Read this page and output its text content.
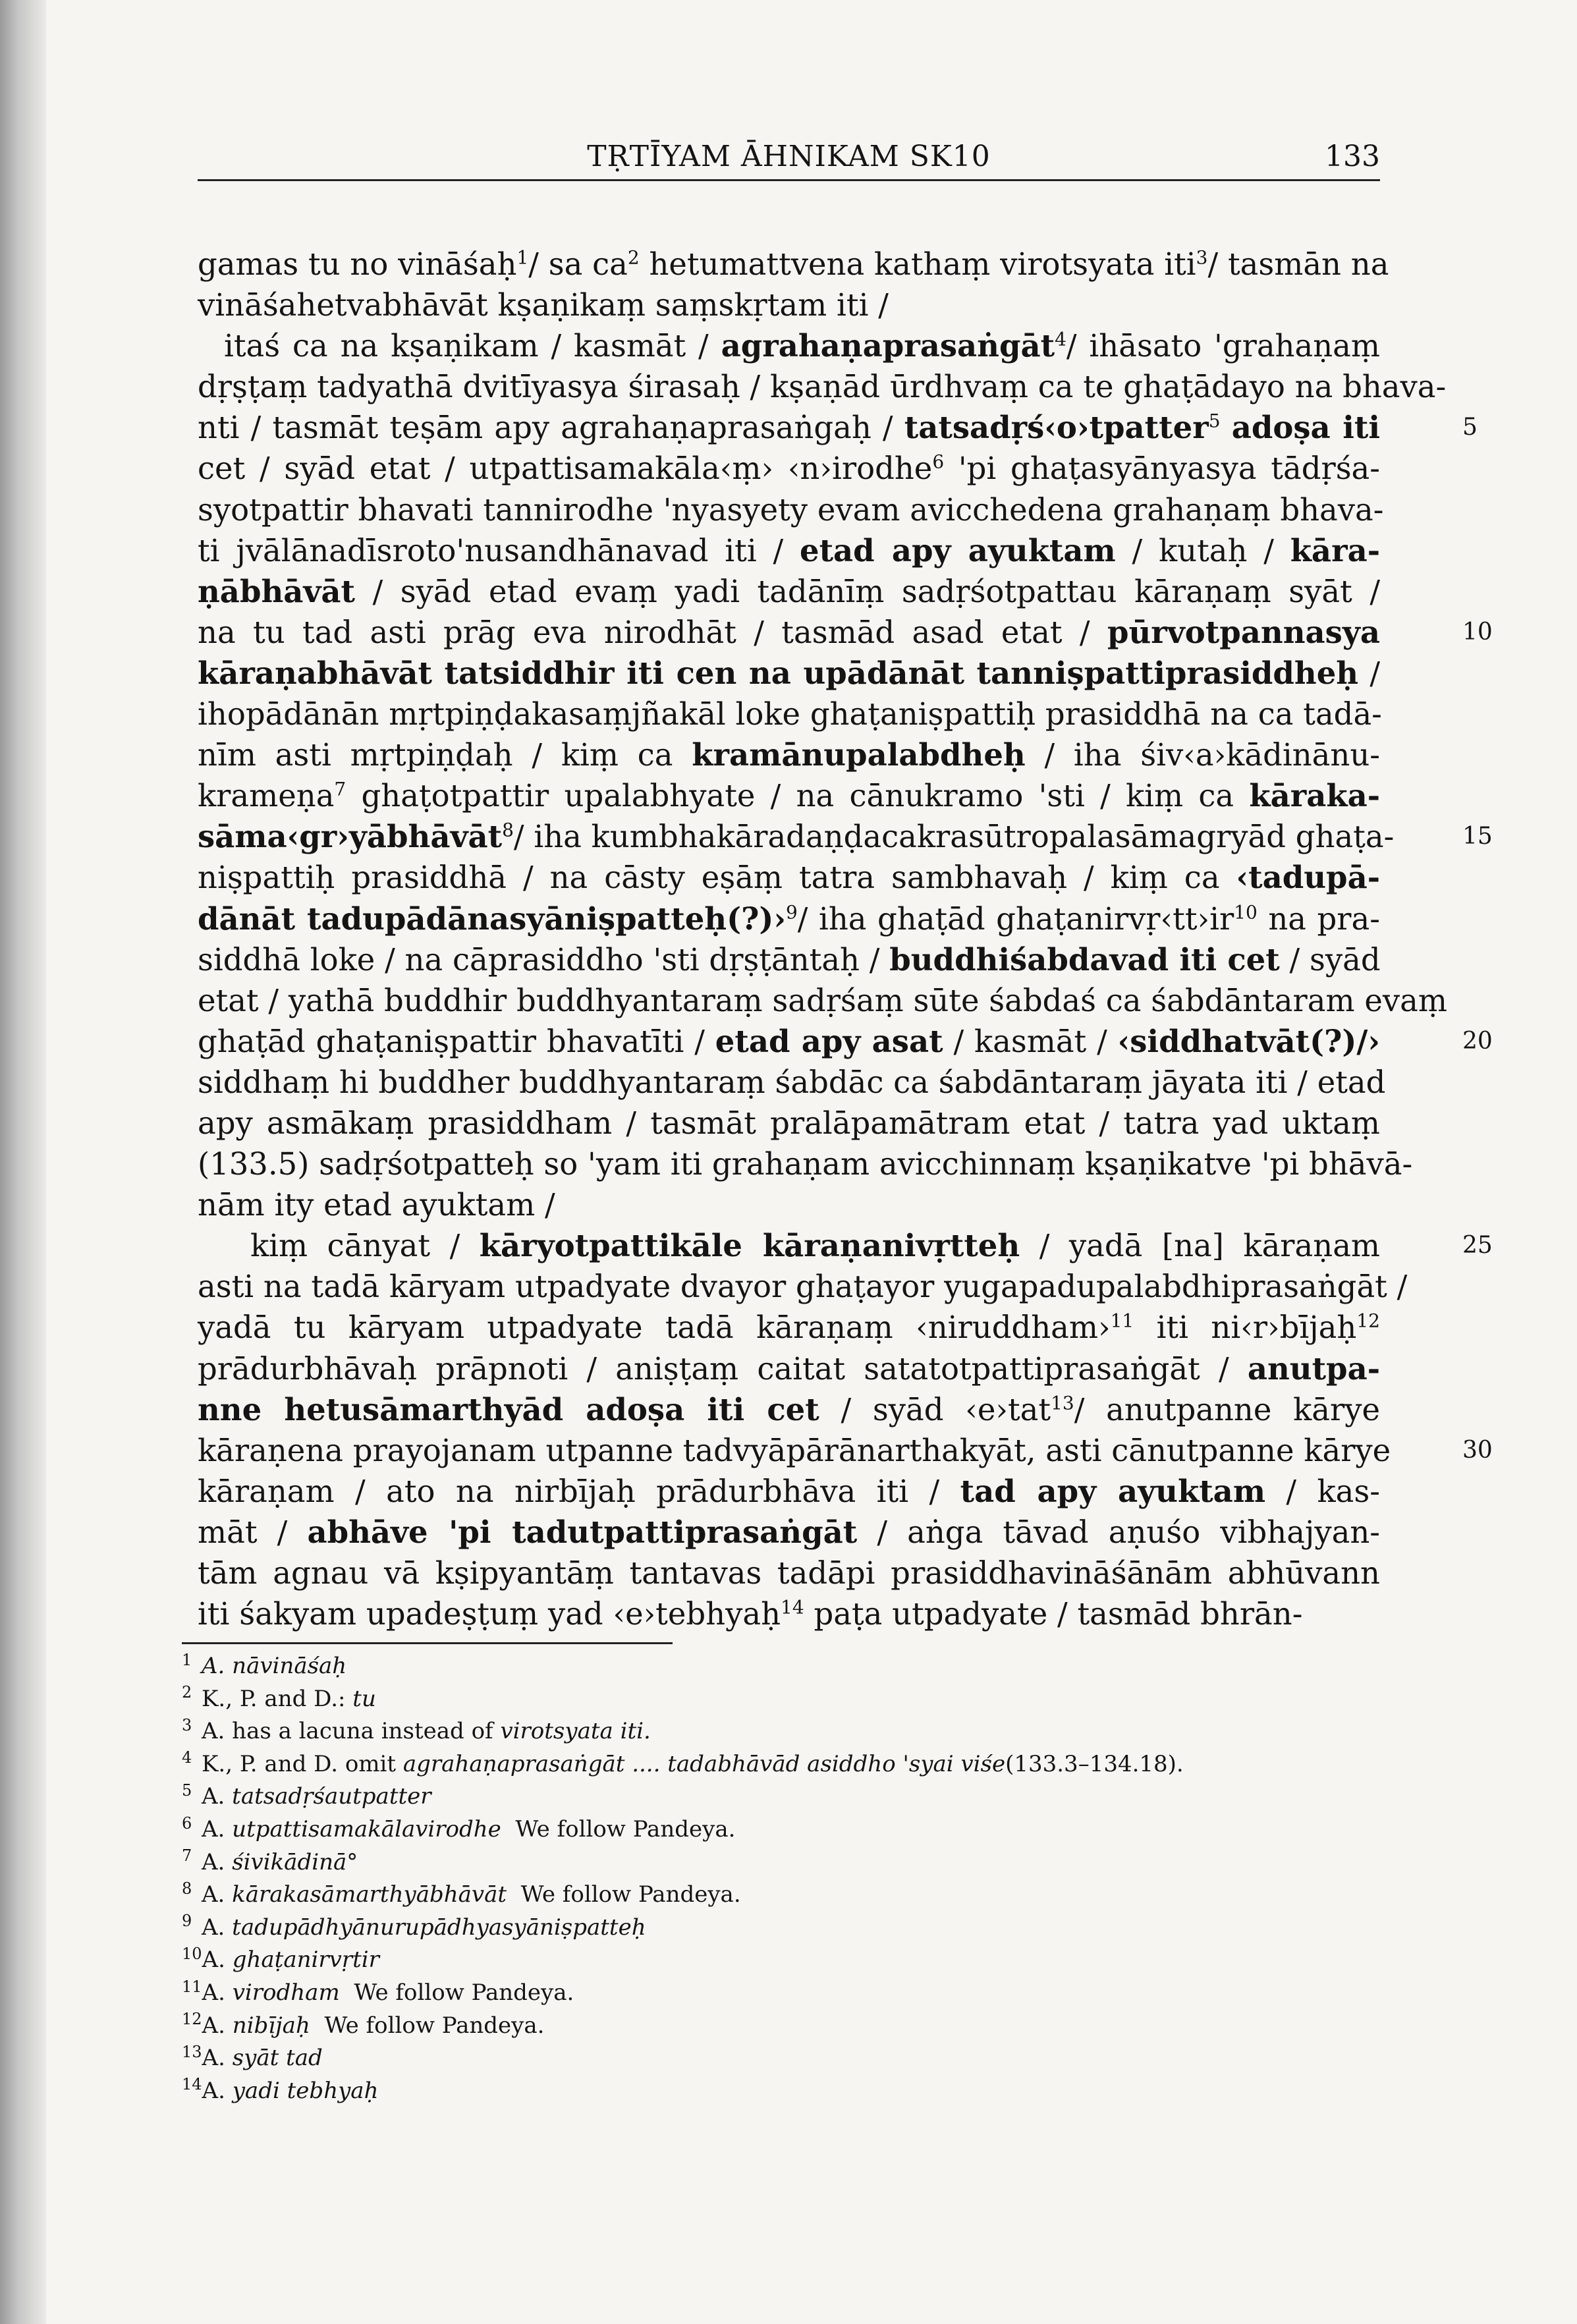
TṚTĪYAM ĀHNIKAM SK10	133
gamas tu no vināśaḥ$^1$/ sa $ca^2$ hetumattvena kathaṃ virotsyata iti$^3$/ tasmān na
vināśahetvabhāvāt kṣaṇikaṃ saṃskṛtam iti /
itaś ca na kṣaṇikam / kasmāt / agrahaṇaprasaṅgāt$^4$/ ihāsato 'grahaṇaṃ
dṛṣṭaṃ tadyathā dvitīyasya śirasaḥ / kṣaṇād ūrdhvaṃ ca te ghaṭādayo na bhava-
nti / tasmāt teṣām apy agrahaṇaprasaṅgaḥ / tatsadṛś‹o›tpatter$^5$ adoṣa iti
cet / syād etat / utpattisamakāla‹ṃ› ‹n›irodhe$^6$ 'pi ghaṭasyānyasya tādṛśa-
syotpattir bhavati tannirodhe 'nyasyety evam avicchedena grahaṇaṃ bhava-
ti jvālānadīsroto'nusandhānavad iti / etad apy ayuktam / kutaḥ / kāra-
ṇābhāvāt / syād etad evaṃ yadi tadānīṃ sadṛśotpattau kāraṇaṃ syāt /
na tu tad asti prāg eva nirodhāt / tasmād asad etat / pūrvotpannasya
kāraṇabhāvāt tatsiddhir iti cen na upādānāt tanniṣpattiprasiddheḥ /
ihopādānān mṛtpiṇḍakasaṃjñakāl loke ghaṭaniṣpattiḥ prasiddhā na ca tadā-
nīm asti mṛtpiṇḍaḥ / kiṃ ca kramānupalabdheḥ / iha śiv‹a›kādinānu-
krameṇa$^7$ ghaṭotpattir upalabhyate / na cānukramo 'sti / kiṃ ca kāraka-
sāma‹gr›yābhāvāt$^8$/ iha kumbhakāradaṇḍacakrasūtropalasāmagryād ghaṭa-
niṣpattiḥ prasiddhā / na cāsty eṣāṃ tatra sambhavaḥ / kiṃ ca ‹tadupā-
dānāt tadupādānasyāniṣpatteḥ(?)›$^9$/ iha ghaṭād $ghaṭanirvṛ‹tt›ir^{10}$ na pra-
siddhā loke / na cāprasiddho 'sti dṛṣṭāntaḥ / buddhiśabdavad iti cet / syād
etat / yathā buddhir buddhyantaraṃ sadṛśaṃ sūte śabdaś ca śabdāntaram evaṃ
ghaṭād ghaṭaniṣpattir bhavatīti / etad apy asat / kasmāt / ‹siddhatvāt(?)/›
siddhaṃ hi buddher buddhyantaraṃ śabdāc ca śabdāntaraṃ jāyata iti / etad
apy asmākaṃ prasiddham / tasmāt pralāpamātram etat / tatra yad uktaṃ
(133.5) sadṛśotpatteḥ so 'yam iti grahaṇam avicchinnaṃ kṣaṇikatve 'pi bhāvā-
nām ity etad ayuktam /
kiṃ cānyat / kāryotpattikāle kāraṇanivṛtteḥ / yadā [na] kāraṇam
asti na tadā kāryam utpadyate dvayor ghaṭayor yugapadupalabdhiprasaṅgāt /
yadā tu kāryam utpadyate tadā kāraṇaṃ ‹niruddham›$^{11}$ iti ni‹r›bījaḥ$^{12}$
prādurbhāvaḥ prāpnoti / aniṣṭaṃ caitat satatotpattiprasaṅgāt / anutpa-
nne hetusāmarthyād adoṣa iti cet / syād ‹e›tat$^{13}$/ anutpanne kārye
kāraṇena prayojanam utpanne tadvyāpārānarthakyāt, asti cānutpanne kārye
kāraṇam / ato na nirbījaḥ prādurbhāva iti / tad apy ayuktam / kas-
māt / abhāve 'pi tadutpattiprasaṅgāt / aṅga tāvad aṇuśo vibhajyan-
tām agnau vā kṣipyantāṃ tantavas tadāpi prasiddhavināśānām abhūvann
iti śakyam upadeṣṭuṃ yad ‹e›tebhyaḥ$^{14}$ paṭa utpadyate / tasmād bhrān-
5
10
15
20
25
30
1 A. nāvināśaḥ
2 K., P. and D.: tu
3 A. has a lacuna instead of virotsyata iti.
4 K., P. and D. omit agrahaṇaprasaṅgāt .... tadabhāvād asiddho 'syai viśe(133.3–134.18).
5 A. tatsadṛśautpatter
6 A. utpattisamakālavirodhe  We follow Pandeya.
7 A. śivikādinā°
8 A. kārakasāmarthyābhāvāt  We follow Pandeya.
9 A. tadupādhyānurupādhyasyāniṣpatteḥ
10A. ghaṭanirvṛtir
11A. virodham  We follow Pandeya.
12A. nibījaḥ  We follow Pandeya.
13A. syāt tad
14A. yadi tebhyaḥ
